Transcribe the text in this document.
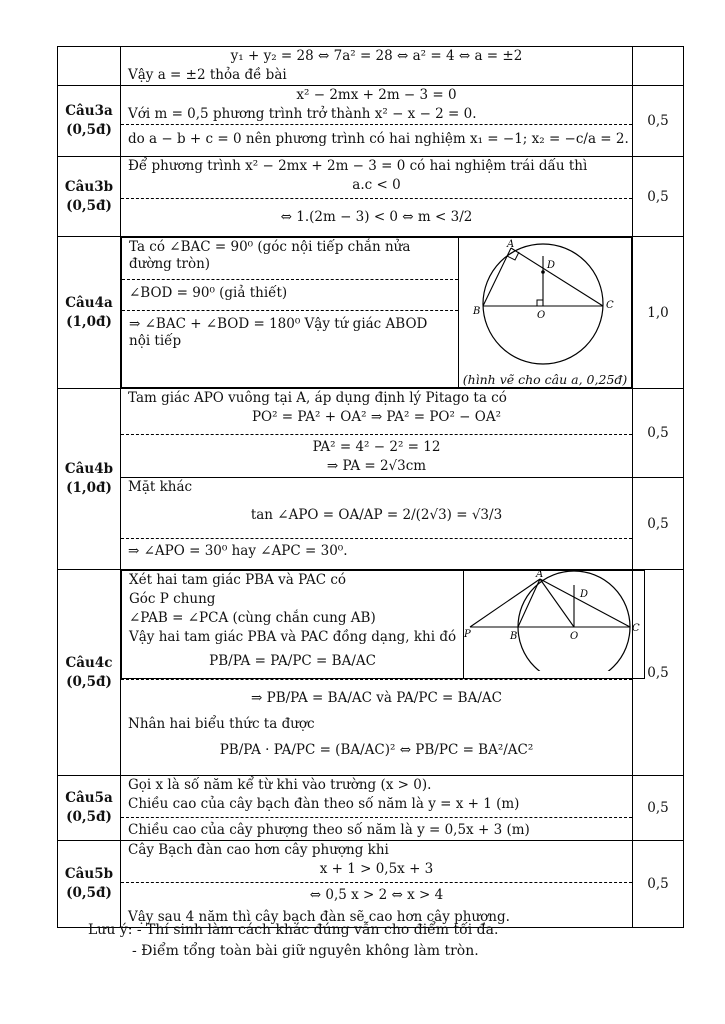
y₁ + y₂ = 28 ⇔ 7a² = 28 ⇔ a² = 4 ⇔ a = ±2
Vậy a = ±2 thỏa đề bài

Câu3a
(0,5đ)

x² − 2mx + 2m − 3 = 0
Với m = 0,5 phương trình trở thành x² − x − 2 = 0.
do a − b + c = 0 nên phương trình có hai nghiệm x₁ = −1; x₂ = −c/a = 2.
	0,5

Câu3b
(0,5đ)

Để phương trình x² − 2mx + 2m − 3 = 0 có hai nghiệm trái dấu thì
a.c < 0
⇔ 1.(2m − 3) < 0 ⇔ m < 3/2
	0,5

Câu4a
(1,0đ)

Ta có ∠BAC = 90⁰ (góc nội tiếp chắn nửa đường tròn)
∠BOD = 90⁰ (giả thiết)
⇒ ∠BAC + ∠BOD = 180⁰ Vậy tứ giác ABOD nội tiếp

A
B
C
D
O
(hình vẽ cho câu a, 0,25đ)
	1,0

Câu4b
(1,0đ)

Tam giác APO vuông tại A, áp dụng định lý Pitago ta có
PO² = PA² + OA² ⇒ PA² = PO² − OA²
PA² = 4² − 2² = 12
⇒ PA = 2√3cm
	0,5

Mặt khác
tan ∠APO = OA/AP = 2/(2√3) = √3/3
⇒ ∠APO = 30⁰ hay ∠APC = 30⁰.
	0,5

Câu4c
(0,5đ)

Xét hai tam giác PBA và PAC có
Góc P chung
∠PAB = ∠PCA (cùng chắn cung AB)
Vậy hai tam giác PBA và PAC đồng dạng, khi đó
PB/PA = PA/PC = BA/AC

A
P	B	O
C
D
⇒ PB/PA = BA/AC và PA/PC = BA/AC
Nhân hai biểu thức ta được
PB/PA · PA/PC = (BA/AC)² ⇔ PB/PC = BA²/AC²
	0,5

Câu5a
(0,5đ)

Gọi x là số năm kể từ khi vào trường (x > 0).
Chiều cao của cây bạch đàn theo số năm là y = x + 1 (m)
Chiều cao của cây phượng theo số năm là y = 0,5x + 3 (m)
	0,5

Câu5b
(0,5đ)

Cây Bạch đàn cao hơn cây phượng khi
x + 1 > 0,5x + 3
⇔ 0,5 x > 2 ⇔ x > 4
Vậy sau 4 năm thì cây bạch đàn sẽ cao hơn cây phượng.
	0,5
Lưu ý: - Thí sinh làm cách khác đúng vẫn cho điểm tối đa.
- Điểm tổng toàn bài giữ nguyên không làm tròn.
